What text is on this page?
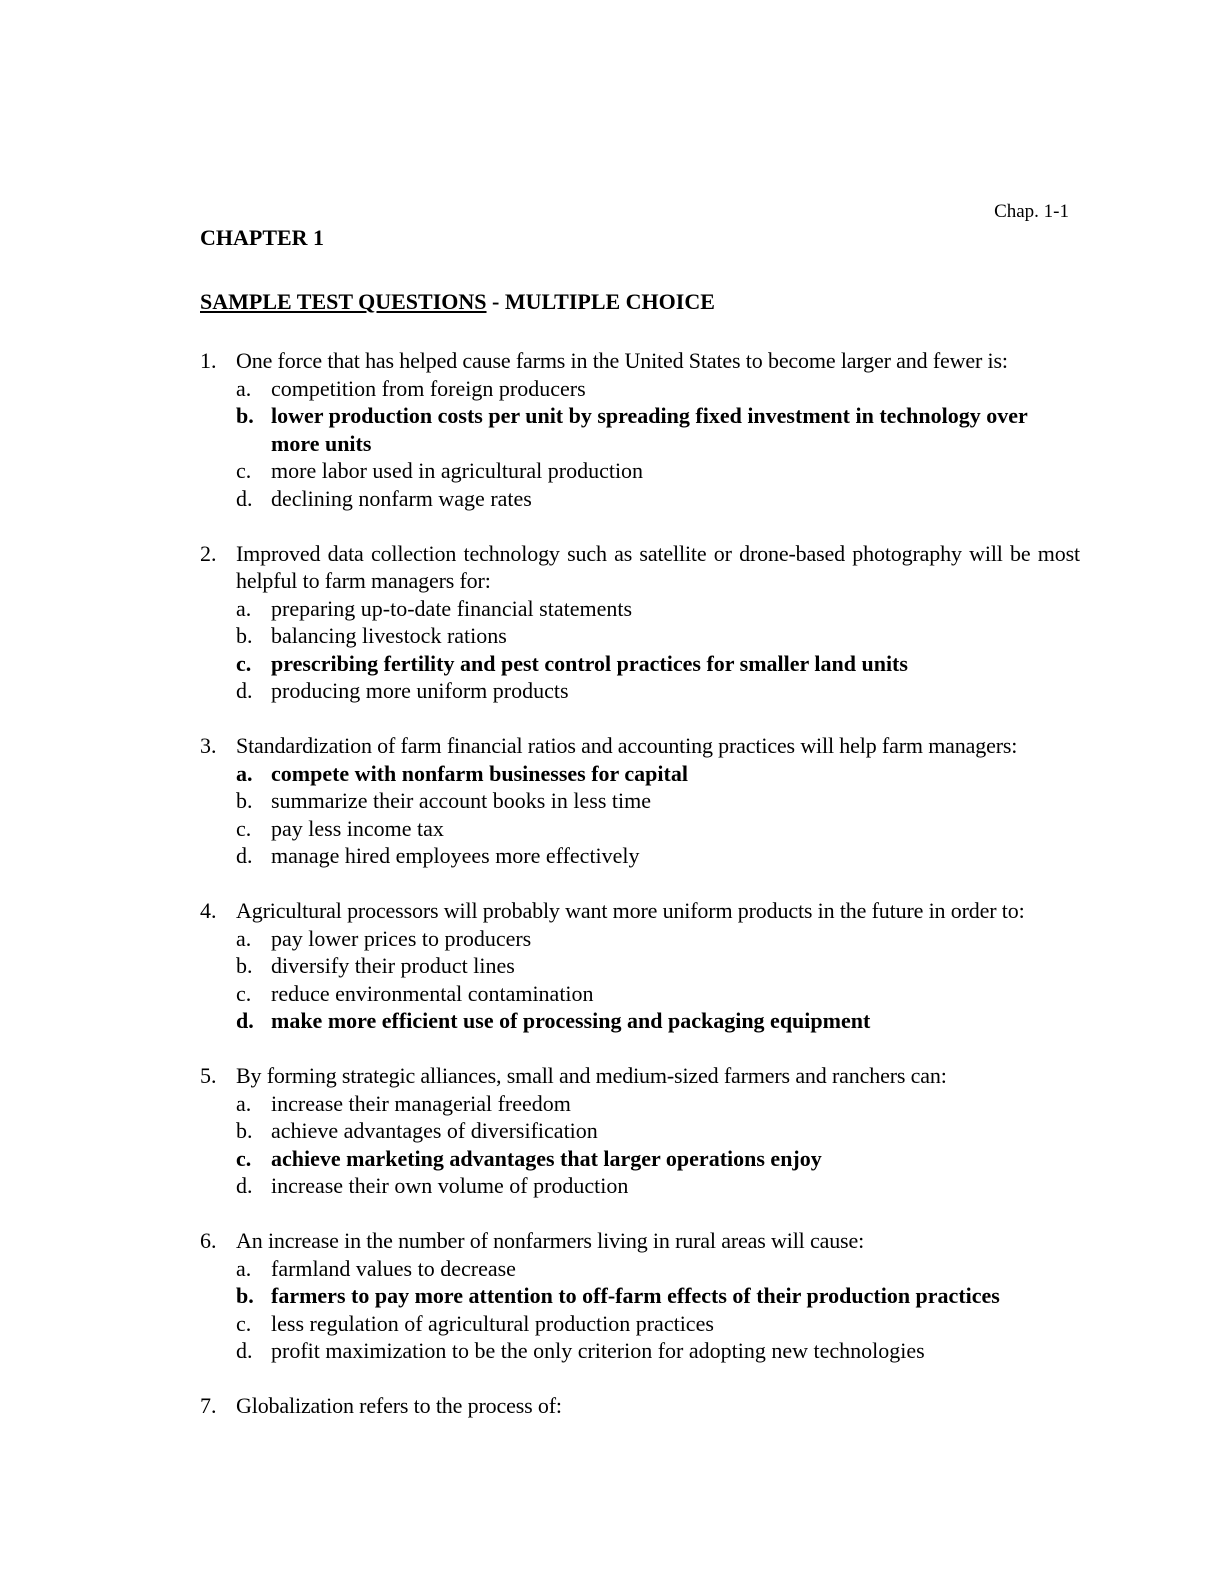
Chap. 1-1
CHAPTER 1
SAMPLE TEST QUESTIONS - MULTIPLE CHOICE
1. One force that has helped cause farms in the United States to become larger and fewer is:
a. competition from foreign producers
b. lower production costs per unit by spreading fixed investment in technology over more units
c. more labor used in agricultural production
d. declining nonfarm wage rates
2. Improved data collection technology such as satellite or drone-based photography will be most helpful to farm managers for:
a. preparing up-to-date financial statements
b. balancing livestock rations
c. prescribing fertility and pest control practices for smaller land units
d. producing more uniform products
3. Standardization of farm financial ratios and accounting practices will help farm managers:
a. compete with nonfarm businesses for capital
b. summarize their account books in less time
c. pay less income tax
d. manage hired employees more effectively
4. Agricultural processors will probably want more uniform products in the future in order to:
a. pay lower prices to producers
b. diversify their product lines
c. reduce environmental contamination
d. make more efficient use of processing and packaging equipment
5. By forming strategic alliances, small and medium-sized farmers and ranchers can:
a. increase their managerial freedom
b. achieve advantages of diversification
c. achieve marketing advantages that larger operations enjoy
d. increase their own volume of production
6. An increase in the number of nonfarmers living in rural areas will cause:
a. farmland values to decrease
b. farmers to pay more attention to off-farm effects of their production practices
c. less regulation of agricultural production practices
d. profit maximization to be the only criterion for adopting new technologies
7. Globalization refers to the process of:
